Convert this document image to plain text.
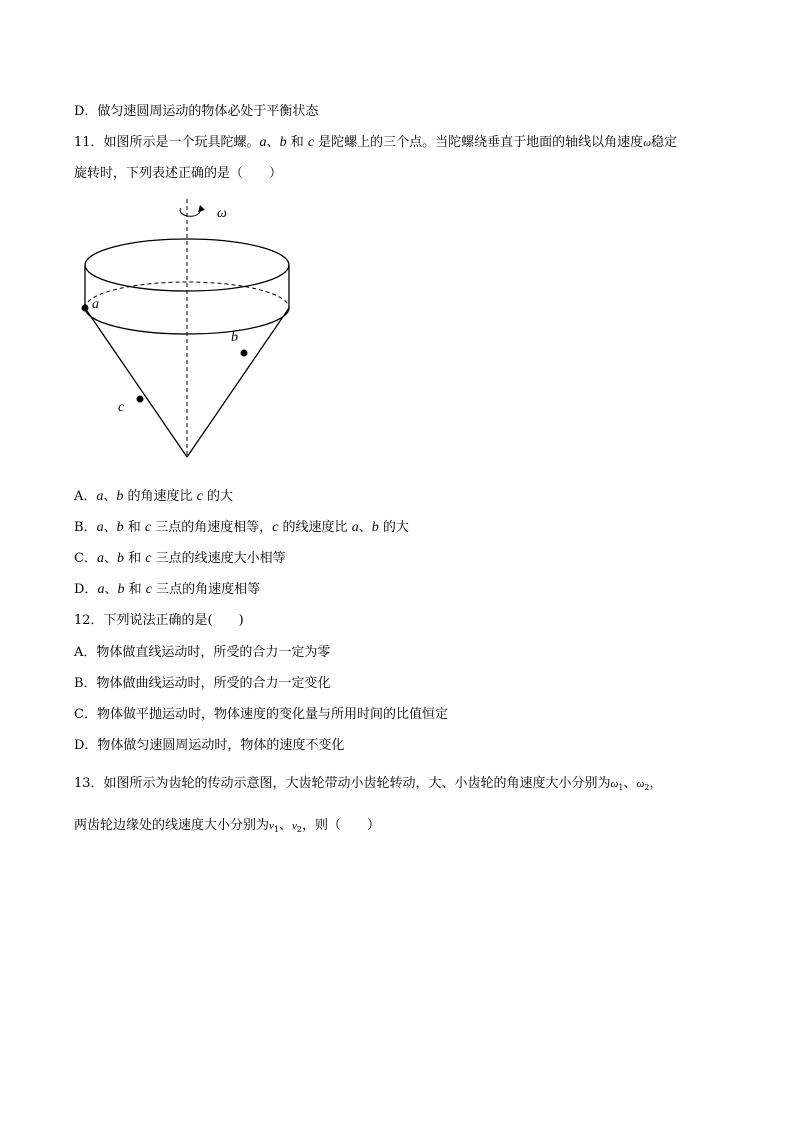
D．做匀速圆周运动的物体必处于平衡状态
11．如图所示是一个玩具陀螺。a、b 和 c 是陀螺上的三个点。当陀螺绕垂直于地面的轴线以角速度ω稳定
旋转时，下列表述正确的是（　　）
ω
a
b
c
A．a、b 的角速度比 c 的大
B．a、b 和 c 三点的角速度相等，c 的线速度比 a、b 的大
C．a、b 和 c 三点的线速度大小相等
D．a、b 和 c 三点的角速度相等
12．下列说法正确的是(　　)
A．物体做直线运动时，所受的合力一定为零
B．物体做曲线运动时，所受的合力一定变化
C．物体做平抛运动时，物体速度的变化量与所用时间的比值恒定
D．物体做匀速圆周运动时，物体的速度不变化
13．如图所示为齿轮的传动示意图，大齿轮带动小齿轮转动，大、小齿轮的角速度大小分别为$\omega_1$、$\omega_2$，
两齿轮边缘处的线速度大小分别为$v_1$、$v_2$，则（　　）
